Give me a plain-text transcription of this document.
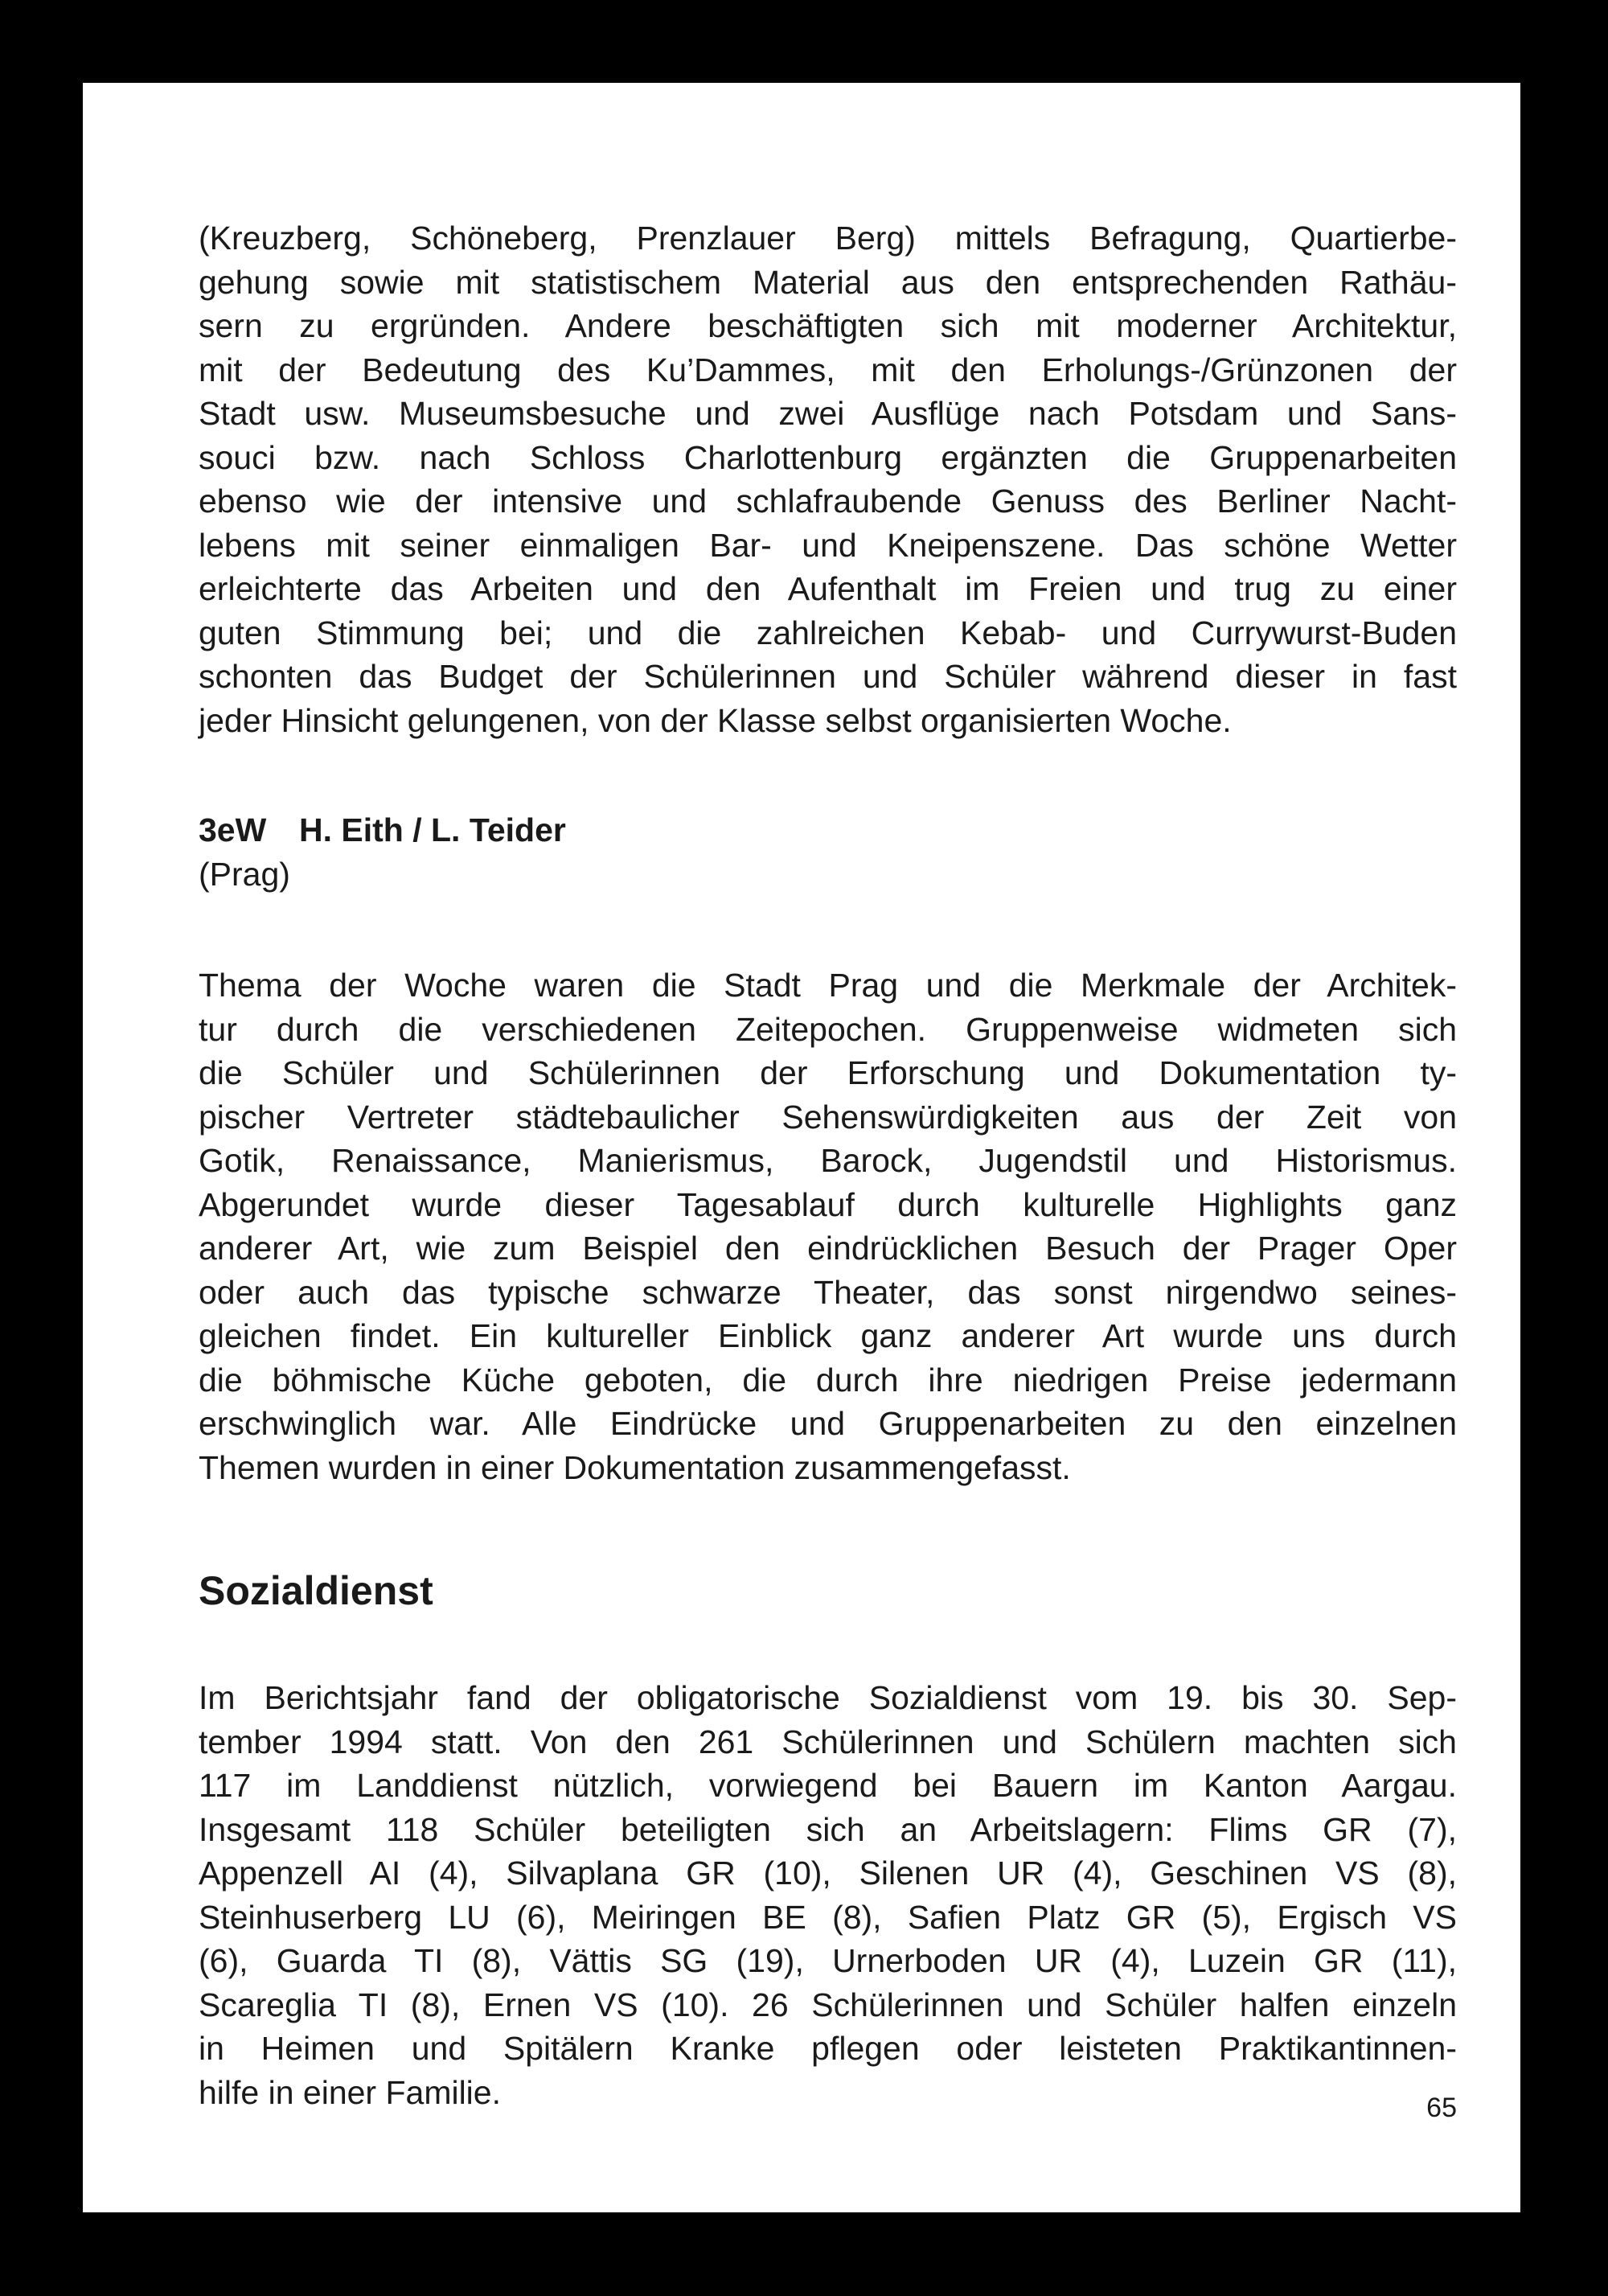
(Kreuzberg, Schöneberg, Prenzlauer Berg) mittels Befragung, Quartierbe-
gehung sowie mit statistischem Material aus den entsprechenden Rathäu-
sern zu ergründen. Andere beschäftigten sich mit moderner Architektur,
mit der Bedeutung des Ku’Dammes, mit den Erholungs-/Grünzonen der
Stadt usw. Museumsbesuche und zwei Ausflüge nach Potsdam und Sans-
souci bzw. nach Schloss Charlottenburg ergänzten die Gruppenarbeiten
ebenso wie der intensive und schlafraubende Genuss des Berliner Nacht-
lebens mit seiner einmaligen Bar- und Kneipenszene. Das schöne Wetter
erleichterte das Arbeiten und den Aufenthalt im Freien und trug zu einer
guten Stimmung bei; und die zahlreichen Kebab- und Currywurst-Buden
schonten das Budget der Schülerinnen und Schüler während dieser in fast
jeder Hinsicht gelungenen, von der Klasse selbst organisierten Woche.

3eW H. Eith / L. Teider

(Prag)

Thema der Woche waren die Stadt Prag und die Merkmale der Architek-
tur durch die verschiedenen Zeitepochen. Gruppenweise widmeten sich
die Schüler und Schülerinnen der Erforschung und Dokumentation ty-
pischer Vertreter städtebaulicher Sehenswürdigkeiten aus der Zeit von
Gotik, Renaissance, Manierismus, Barock, Jugendstil und Historismus.
Abgerundet wurde dieser Tagesablauf durch kulturelle Highlights ganz
anderer Art, wie zum Beispiel den eindrücklichen Besuch der Prager Oper
oder auch das typische schwarze Theater, das sonst nirgendwo seines-
gleichen findet. Ein kultureller Einblick ganz anderer Art wurde uns durch
die böhmische Küche geboten, die durch ihre niedrigen Preise jedermann
erschwinglich war. Alle Eindrücke und Gruppenarbeiten zu den einzelnen
Themen wurden in einer Dokumentation zusammengefasst.

Sozialdienst

Im Berichtsjahr fand der obligatorische Sozialdienst vom 19. bis 30. Sep-
tember 1994 statt. Von den 261 Schülerinnen und Schülern machten sich
117 im Landdienst nützlich, vorwiegend bei Bauern im Kanton Aargau.
Insgesamt 118 Schüler beteiligten sich an Arbeitslagern: Flims GR (7),
Appenzell AI (4), Silvaplana GR (10), Silenen UR (4), Geschinen VS (8),
Steinhuserberg LU (6), Meiringen BE (8), Safien Platz GR (5), Ergisch VS
(6), Guarda TI (8), Vättis SG (19), Urnerboden UR (4), Luzein GR (11),
Scareglia TI (8), Ernen VS (10). 26 Schülerinnen und Schüler halfen einzeln
in Heimen und Spitälern Kranke pflegen oder leisteten Praktikantinnen-
hilfe in einer Familie.	65
